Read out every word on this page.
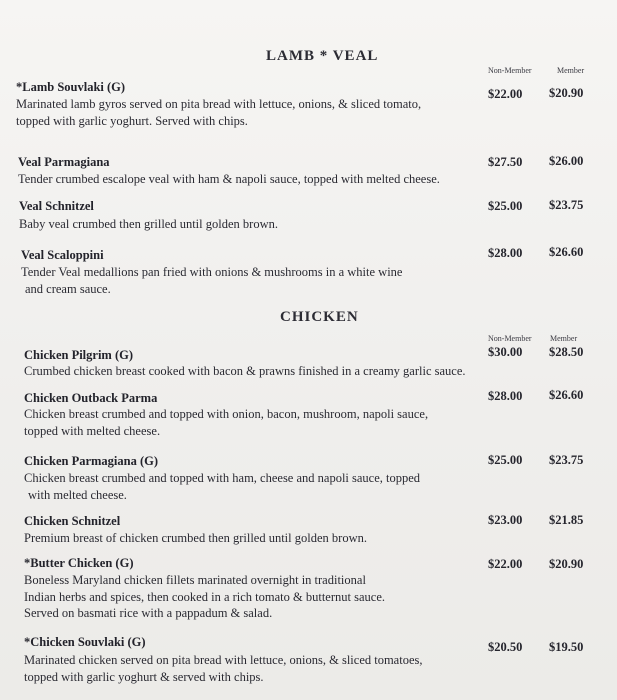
LAMB * VEAL
Non-Member	Member
*Lamb Souvlaki (G)	$22.00 $20.90
Marinated lamb gyros served on pita bread with lettuce, onions, & sliced tomato,
topped with garlic yoghurt. Served with chips.
Veal Parmagiana	$27.50 $26.00
Tender crumbed escalope veal with ham & napoli sauce, topped with melted cheese.
Veal Schnitzel	$25.00 $23.75
Baby veal crumbed then grilled until golden brown.
Veal Scaloppini	$28.00 $26.60
Tender Veal medallions pan fried with onions & mushrooms in a white wine
and cream sauce.
CHICKEN
Non-Member Member
Chicken Pilgrim (G)	$30.00 $28.50
Crumbed chicken breast cooked with bacon & prawns finished in a creamy garlic sauce.
Chicken Outback Parma	$28.00 $26.60
Chicken breast crumbed and topped with onion, bacon, mushroom, napoli sauce,
topped with melted cheese.
Chicken Parmagiana (G)	$25.00 $23.75
Chicken breast crumbed and topped with ham, cheese and napoli sauce, topped
with melted cheese.
Chicken Schnitzel	$23.00 $21.85
Premium breast of chicken crumbed then grilled until golden brown.
*Butter Chicken (G)	$22.00 $20.90
Boneless Maryland chicken fillets marinated overnight in traditional
Indian herbs and spices, then cooked in a rich tomato & butternut sauce.
Served on basmati rice with a pappadum & salad.
*Chicken Souvlaki (G)	$20.50 $19.50
Marinated chicken served on pita bread with lettuce, onions, & sliced tomatoes,
topped with garlic yoghurt & served with chips.
